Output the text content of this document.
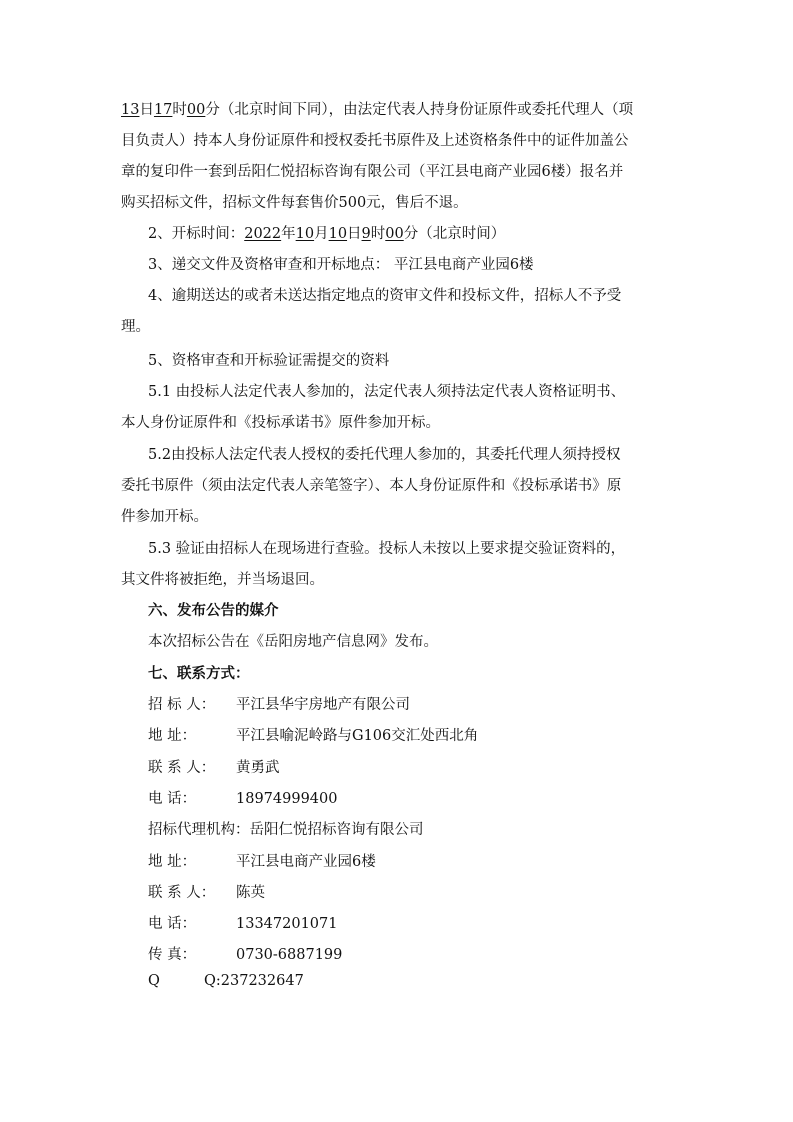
13日17时00分（北京时间下同），由法定代表人持身份证原件或委托代理人（项
目负责人）持本人身份证原件和授权委托书原件及上述资格条件中的证件加盖公
章的复印件一套到岳阳仁悦招标咨询有限公司（平江县电商产业园6楼）报名并
购买招标文件，招标文件每套售价500元，售后不退。
2、开标时间：2022年10月10日9时00分（北京时间）
3、递交文件及资格审查和开标地点： 平江县电商产业园6楼
4、逾期送达的或者未送达指定地点的资审文件和投标文件，招标人不予受
理。
5、资格审查和开标验证需提交的资料
5.1 由投标人法定代表人参加的，法定代表人须持法定代表人资格证明书、
本人身份证原件和《投标承诺书》原件参加开标。
5.2由投标人法定代表人授权的委托代理人参加的，其委托代理人须持授权
委托书原件（须由法定代表人亲笔签字）、本人身份证原件和《投标承诺书》原
件参加开标。
5.3 验证由招标人在现场进行查验。投标人未按以上要求提交验证资料的，
其文件将被拒绝，并当场退回。
六、发布公告的媒介
本次招标公告在《岳阳房地产信息网》发布。
七、联系方式：
招 标 人： 平江县华宇房地产有限公司
地 址：	平江县喻泥岭路与G106交汇处西北角
联 系 人： 黄勇武
电 话：	18974999400
招标代理机构：岳阳仁悦招标咨询有限公司
地 址：	平江县电商产业园6楼
联 系 人： 陈英
电 话：	13347201071
传 真：	0730-6887199
Q	Q:237232647
